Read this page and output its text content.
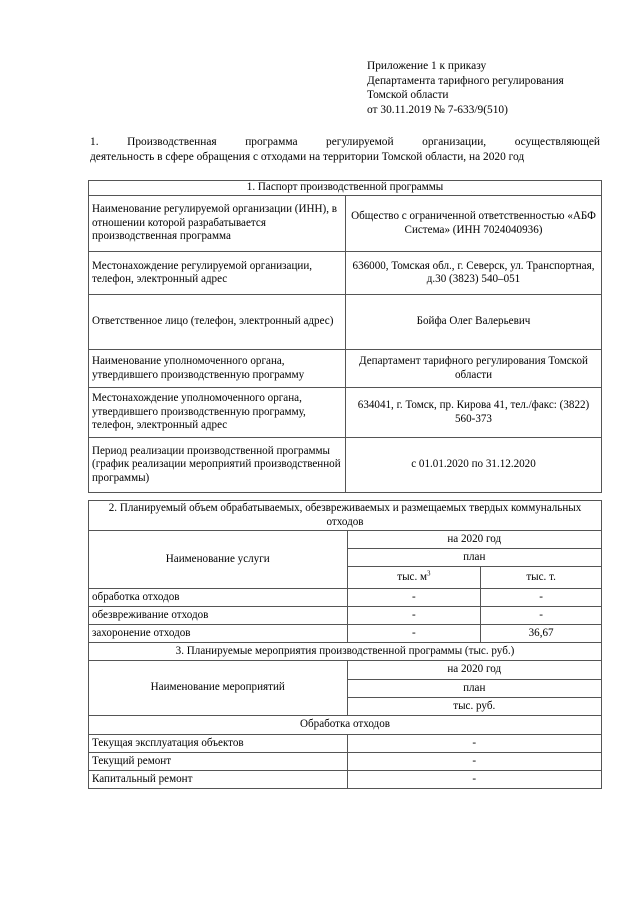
Приложение 1 к приказу
Департамента тарифного регулирования
Томской области
от 30.11.2019 № 7-633/9(510)
1. Производственная программа регулируемой организации, осуществляющей
деятельность в сфере обращения с отходами на территории Томской области, на 2020 год
1. Паспорт производственной программы	
Наименование регулируемой организации (ИНН), в отношении которой разрабатывается производственная программа	Общество с ограниченной ответственностью «АБФ Система» (ИНН 7024040936)
Местонахождение регулируемой организации, телефон, электронный адрес	636000, Томская обл., г. Северск, ул. Транспортная, д.30 (3823) 540–051
Ответственное лицо (телефон, электронный адрес)	Бойфа Олег Валерьевич
Наименование уполномоченного органа, утвердившего производственную программу	Департамент тарифного регулирования Томской области
Местонахождение уполномоченного органа, утвердившего производственную программу, телефон, электронный адрес	634041, г. Томск, пр. Кирова 41, тел./факс: (3822) 560-373
Период реализации производственной программы (график реализации мероприятий производственной программы)	с 01.01.2020 по 31.12.2020
2. Планируемый объем обрабатываемых, обезвреживаемых и размещаемых твердых коммунальных отходов		
Наименование услуги	на 2020 год	
	план	
	тыс. $м^3$	тыс. т.
обработка отходов	-	-
обезвреживание отходов	-	-
захоронение отходов	-	36,67
3. Планируемые мероприятия производственной программы (тыс. руб.)		
Наименование мероприятий	на 2020 год	
	план	
	тыс. руб.	
Обработка отходов		
Текущая эксплуатация объектов	-	
Текущий ремонт	-	
Капитальный ремонт	-	
